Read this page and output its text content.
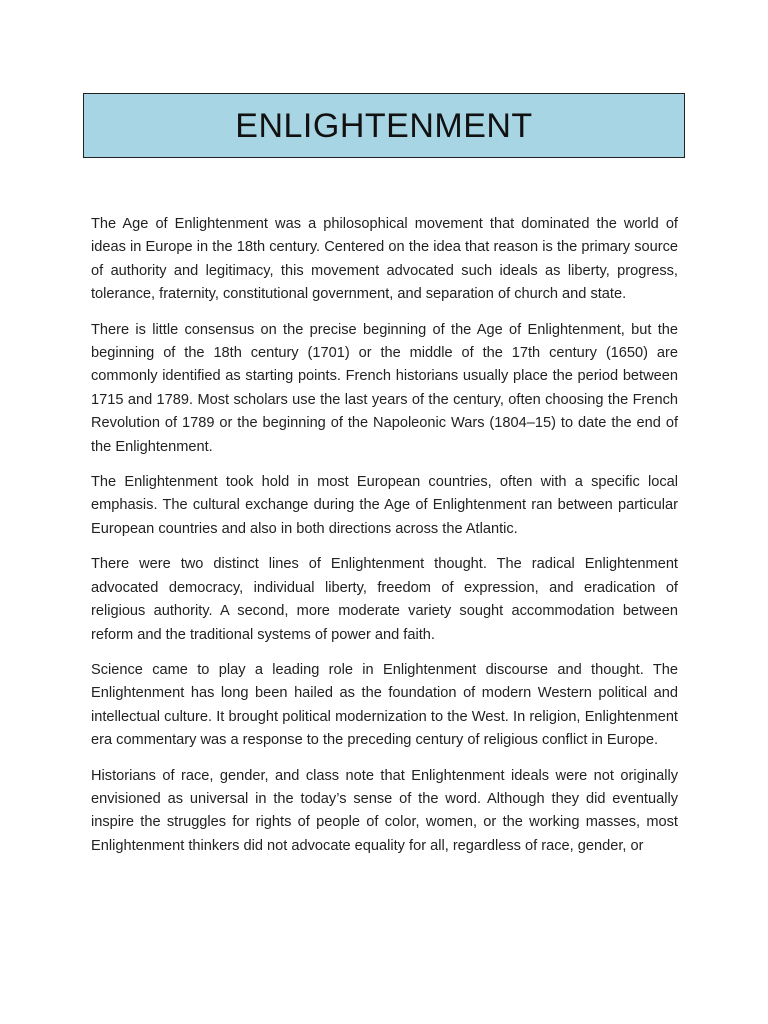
ENLIGHTENMENT

The Age of Enlightenment was a philosophical movement that dominated the world of ideas in Europe in the 18th century. Centered on the idea that reason is the primary source of authority and legitimacy, this movement advocated such ideals as liberty, progress, tolerance, fraternity, constitutional government, and separation of church and state.

There is little consensus on the precise beginning of the Age of Enlightenment, but the beginning of the 18th century (1701) or the middle of the 17th century (1650) are commonly identified as starting points. French historians usually place the period between 1715 and 1789. Most scholars use the last years of the century, often choosing the French Revolution of 1789 or the beginning of the Napoleonic Wars (1804–15) to date the end of the Enlightenment.

The Enlightenment took hold in most European countries, often with a specific local emphasis. The cultural exchange during the Age of Enlightenment ran between particular European countries and also in both directions across the Atlantic.

There were two distinct lines of Enlightenment thought. The radical Enlightenment advocated democracy, individual liberty, freedom of expression, and eradication of religious authority. A second, more moderate variety sought accommodation between reform and the traditional systems of power and faith.

Science came to play a leading role in Enlightenment discourse and thought. The Enlightenment has long been hailed as the foundation of modern Western political and intellectual culture. It brought political modernization to the West. In religion, Enlightenment era commentary was a response to the preceding century of religious conflict in Europe.

Historians of race, gender, and class note that Enlightenment ideals were not originally envisioned as universal in the today’s sense of the word. Although they did eventually inspire the struggles for rights of people of color, women, or the working masses, most Enlightenment thinkers did not advocate equality for all, regardless of race, gender, or
